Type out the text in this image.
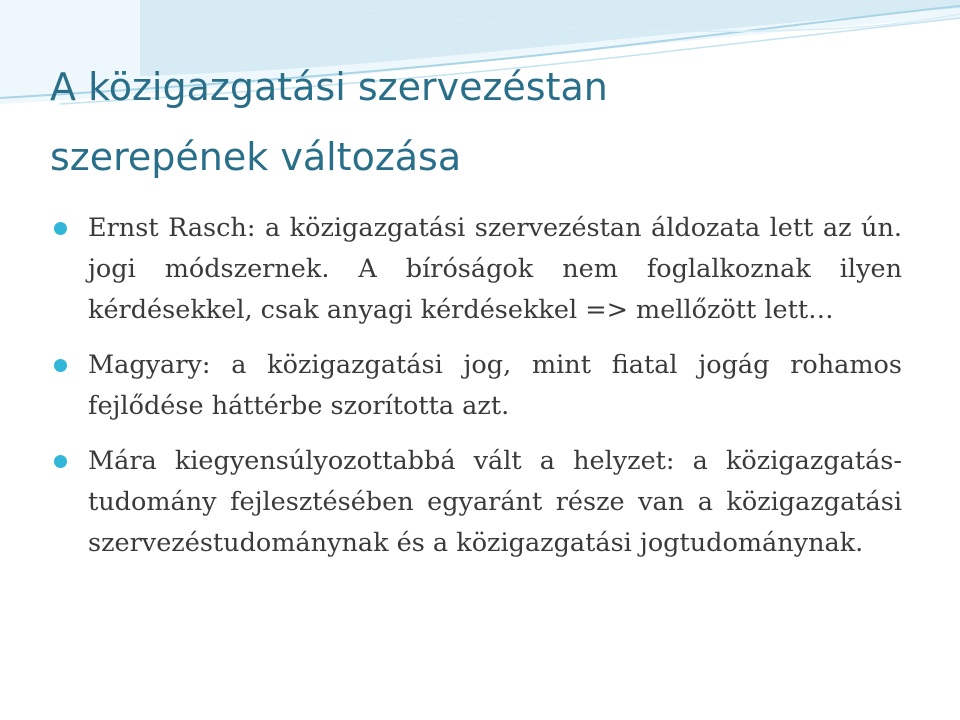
A közigazgatási szervezéstan
szerepének változása
Ernst Rasch: a közigazgatási szervezéstan áldozata lett az ún. jogi módszernek. A bíróságok nem foglalkoznak ilyen kérdésekkel, csak anyagi kérdésekkel => mellőzött lett…
Magyary: a közigazgatási jog, mint fiatal jogág rohamos fejlődése háttérbe szorította azt.
Mára kiegyensúlyozottabbá vált a helyzet: a közigazgatás-tudomány fejlesztésében egyaránt része van a közigazgatási szervezéstudománynak és a közigazgatási jogtudománynak.
